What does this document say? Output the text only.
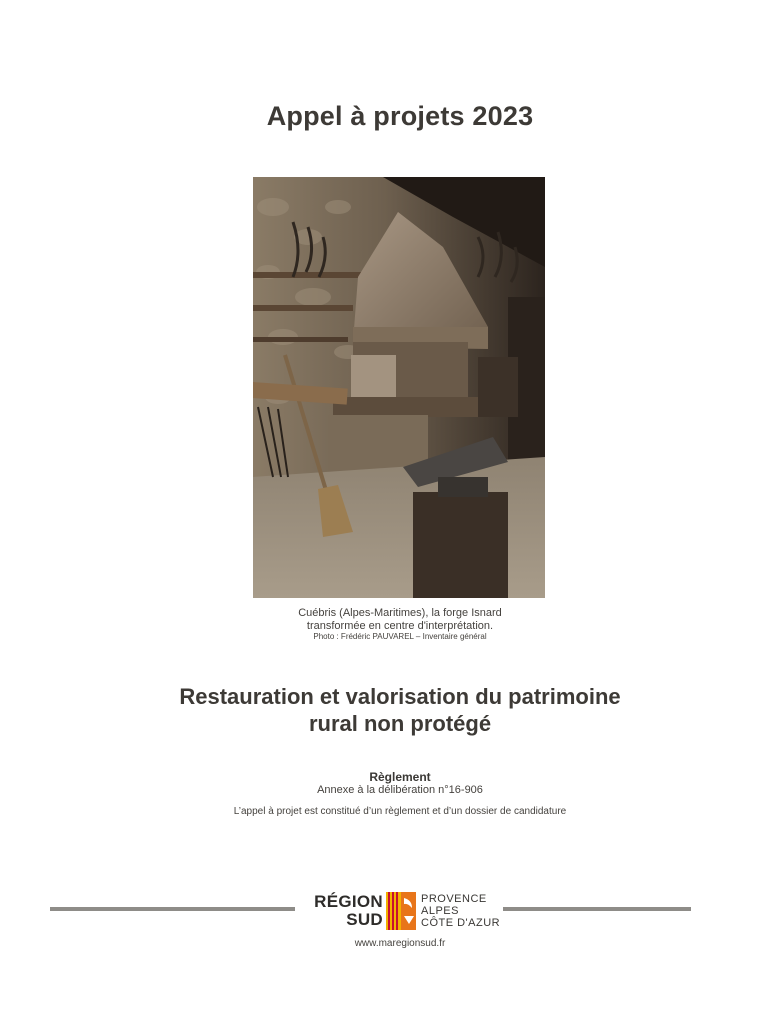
Appel à projets 2023
Cuébris (Alpes-Maritimes), la forge Isnard
transformée en centre d'interprétation.
Photo : Frédéric PAUVAREL – Inventaire général
Restauration et valorisation du patrimoine
rural non protégé
Règlement
Annexe à la délibération n°16-906
L’appel à projet est constitué d’un règlement et d’un dossier de candidature
RÉGION
SUD
PROVENCE
ALPES
CÔTE D'AZUR
www.maregionsud.fr
